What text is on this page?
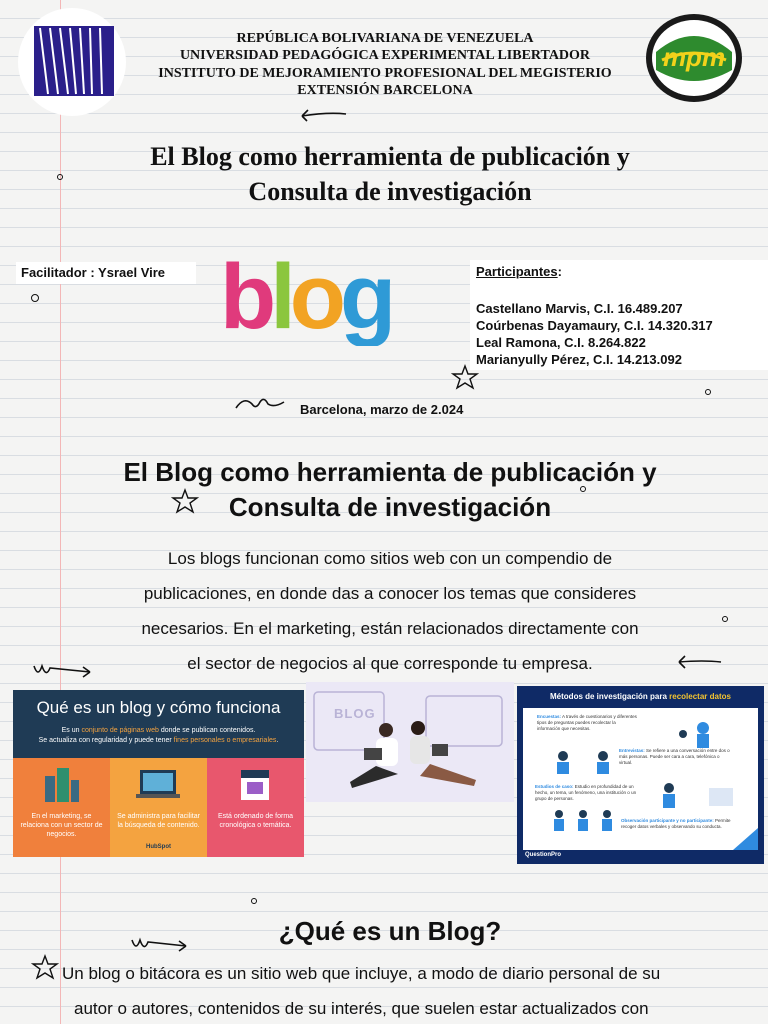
mpm
REPÚBLICA BOLIVARIANA DE VENEZUELA
UNIVERSIDAD PEDAGÓGICA EXPERIMENTAL LIBERTADOR
INSTITUTO DE MEJORAMIENTO PROFESIONAL DEL MEGISTERIO
EXTENSIÓN BARCELONA
El Blog como herramienta de publicación y
Consulta de investigación
Facilitador : Ysrael Vire blog	Participantes:
Castellano Marvis, C.I. 16.489.207
Coúrbenas Dayamaury, C.I. 14.320.317
Leal Ramona, C.I. 8.264.822
Marianyully Pérez, C.I. 14.213.092
Barcelona, marzo de 2.024
El Blog como herramienta de publicación y
Consulta de investigación
Los blogs funcionan como sitios web con un compendio de
publicaciones, en donde das a conocer los temas que consideres
necesarios. En el marketing, están relacionados directamente con
el sector de negocios al que corresponde tu empresa.
Qué es un blog y cómo funciona
Es un conjunto de páginas web donde se publican contenidos.
Se actualiza con regularidad y puede tener fines personales o empresariales.
En el marketing, se relaciona con un sector de negocios.
Se administra para facilitar la búsqueda de contenido.
HubSpot
Está ordenado de forma cronológica o temática.
BLOG
Métodos de investigación para recolectar datos
Encuestas: A través de cuestionarios y diferentes tipos de preguntas puedes recolectar la información que necesitas.
Entrevistas: Se refiere a una conversación entre dos o más personas. Puede ser cara a cara, telefónica o virtual.
Estudios de caso: Estudio en profundidad de un hecho, un tema, un fenómeno, una institución o un grupo de personas.
Observación participante y no participante: Permite recoger datos verbales y observando su conducta.
QuestionPro
¿Qué es un Blog?
Un blog o bitácora es un sitio web que incluye, a modo de diario personal de su
autor o autores, contenidos de su interés, que suelen estar actualizados con
